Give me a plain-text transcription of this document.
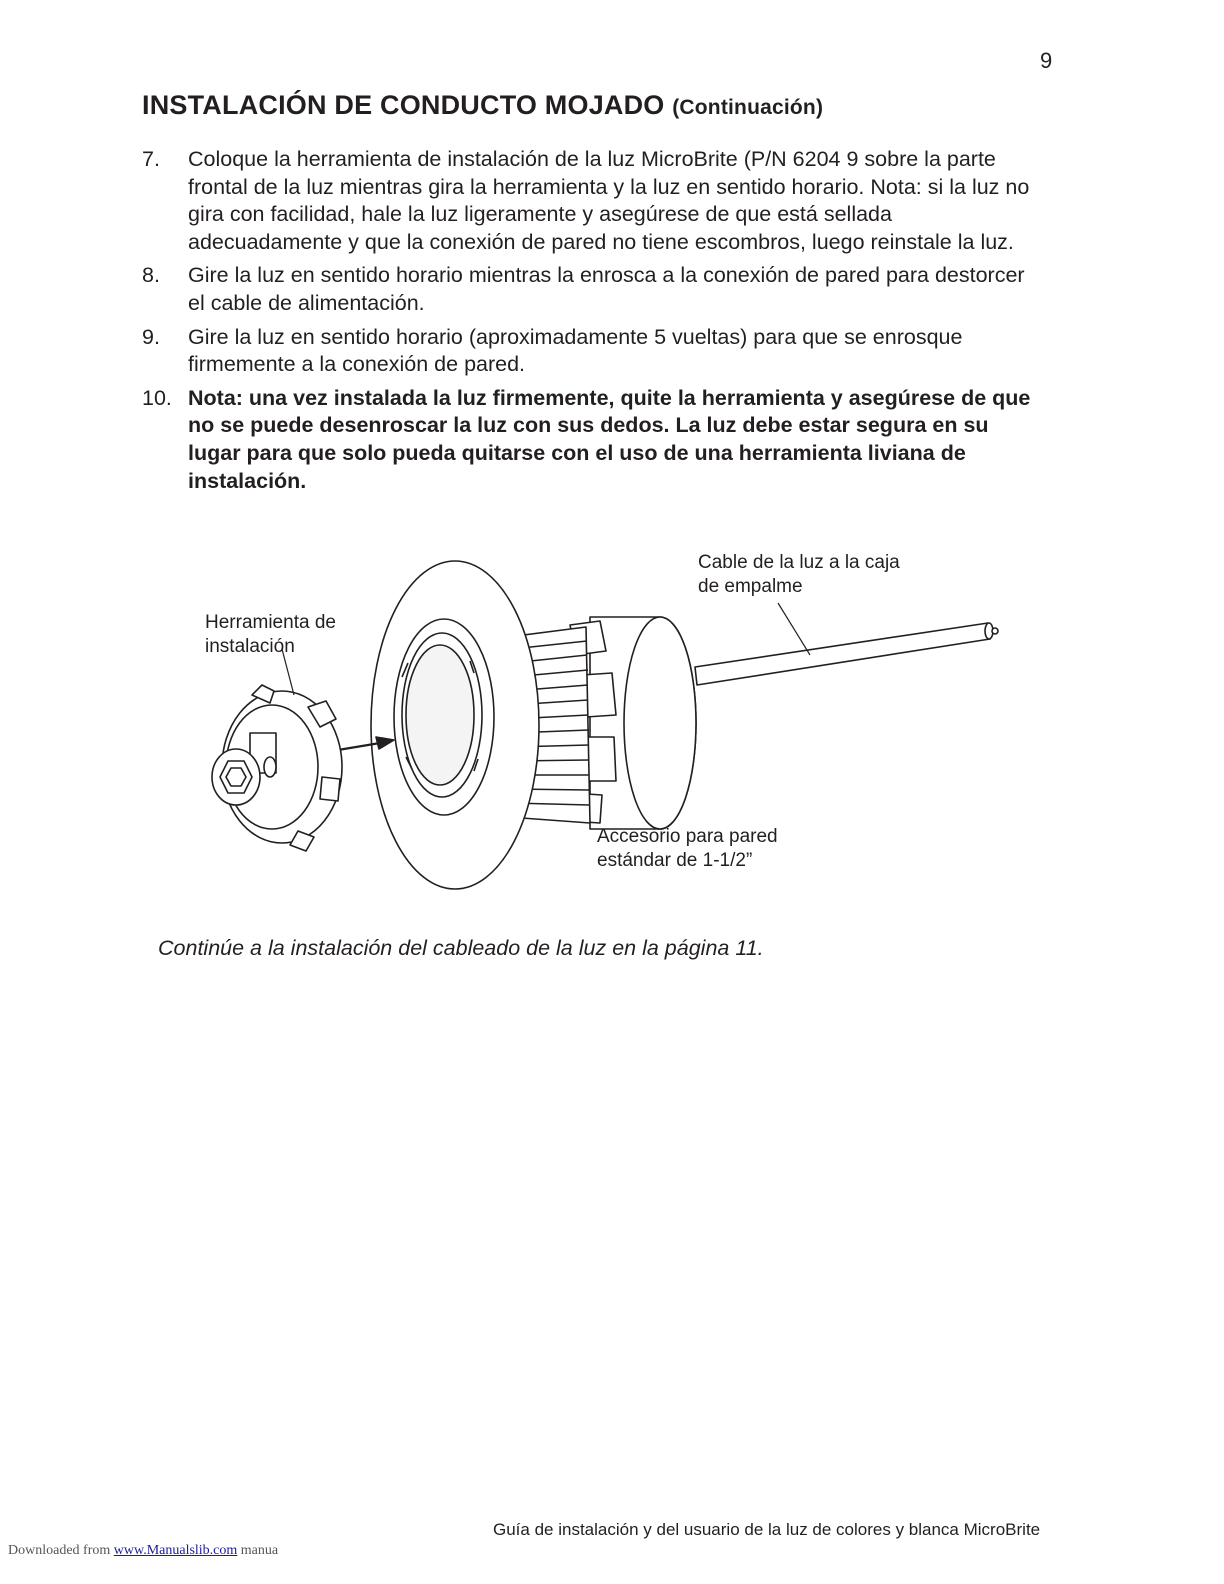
9
INSTALACIÓN DE CONDUCTO MOJADO (Continuación)
7. Coloque la herramienta de instalación de la luz MicroBrite (P/N 6204 9 sobre la parte frontal de la luz mientras gira la herramienta y la luz en sentido horario. Nota: si la luz no gira con facilidad, hale la luz ligeramente y asegúrese de que está sellada adecuadamente y que la conexión de pared no tiene escombros, luego reinstale la luz.
8. Gire la luz en sentido horario mientras la enrosca a la conexión de pared para destorcer el cable de alimentación.
9. Gire la luz en sentido horario (aproximadamente 5 vueltas) para que se enrosque firmemente a la conexión de pared.
10. Nota: una vez instalada la luz firmemente, quite la herramienta y asegúrese de que no se puede desenroscar la luz con sus dedos. La luz debe estar segura en su lugar para que solo pueda quitarse con el uso de una herramienta liviana de instalación.
Herramienta de
instalación
Cable de la luz a la caja
de empalme
Accesorio para pared
estándar de 1-1/2”
Continúe a la instalación del cableado de la luz en la página 11.
Guía de instalación y del usuario de la luz de colores y blanca MicroBrite
Downloaded from www.Manualslib.com manua
